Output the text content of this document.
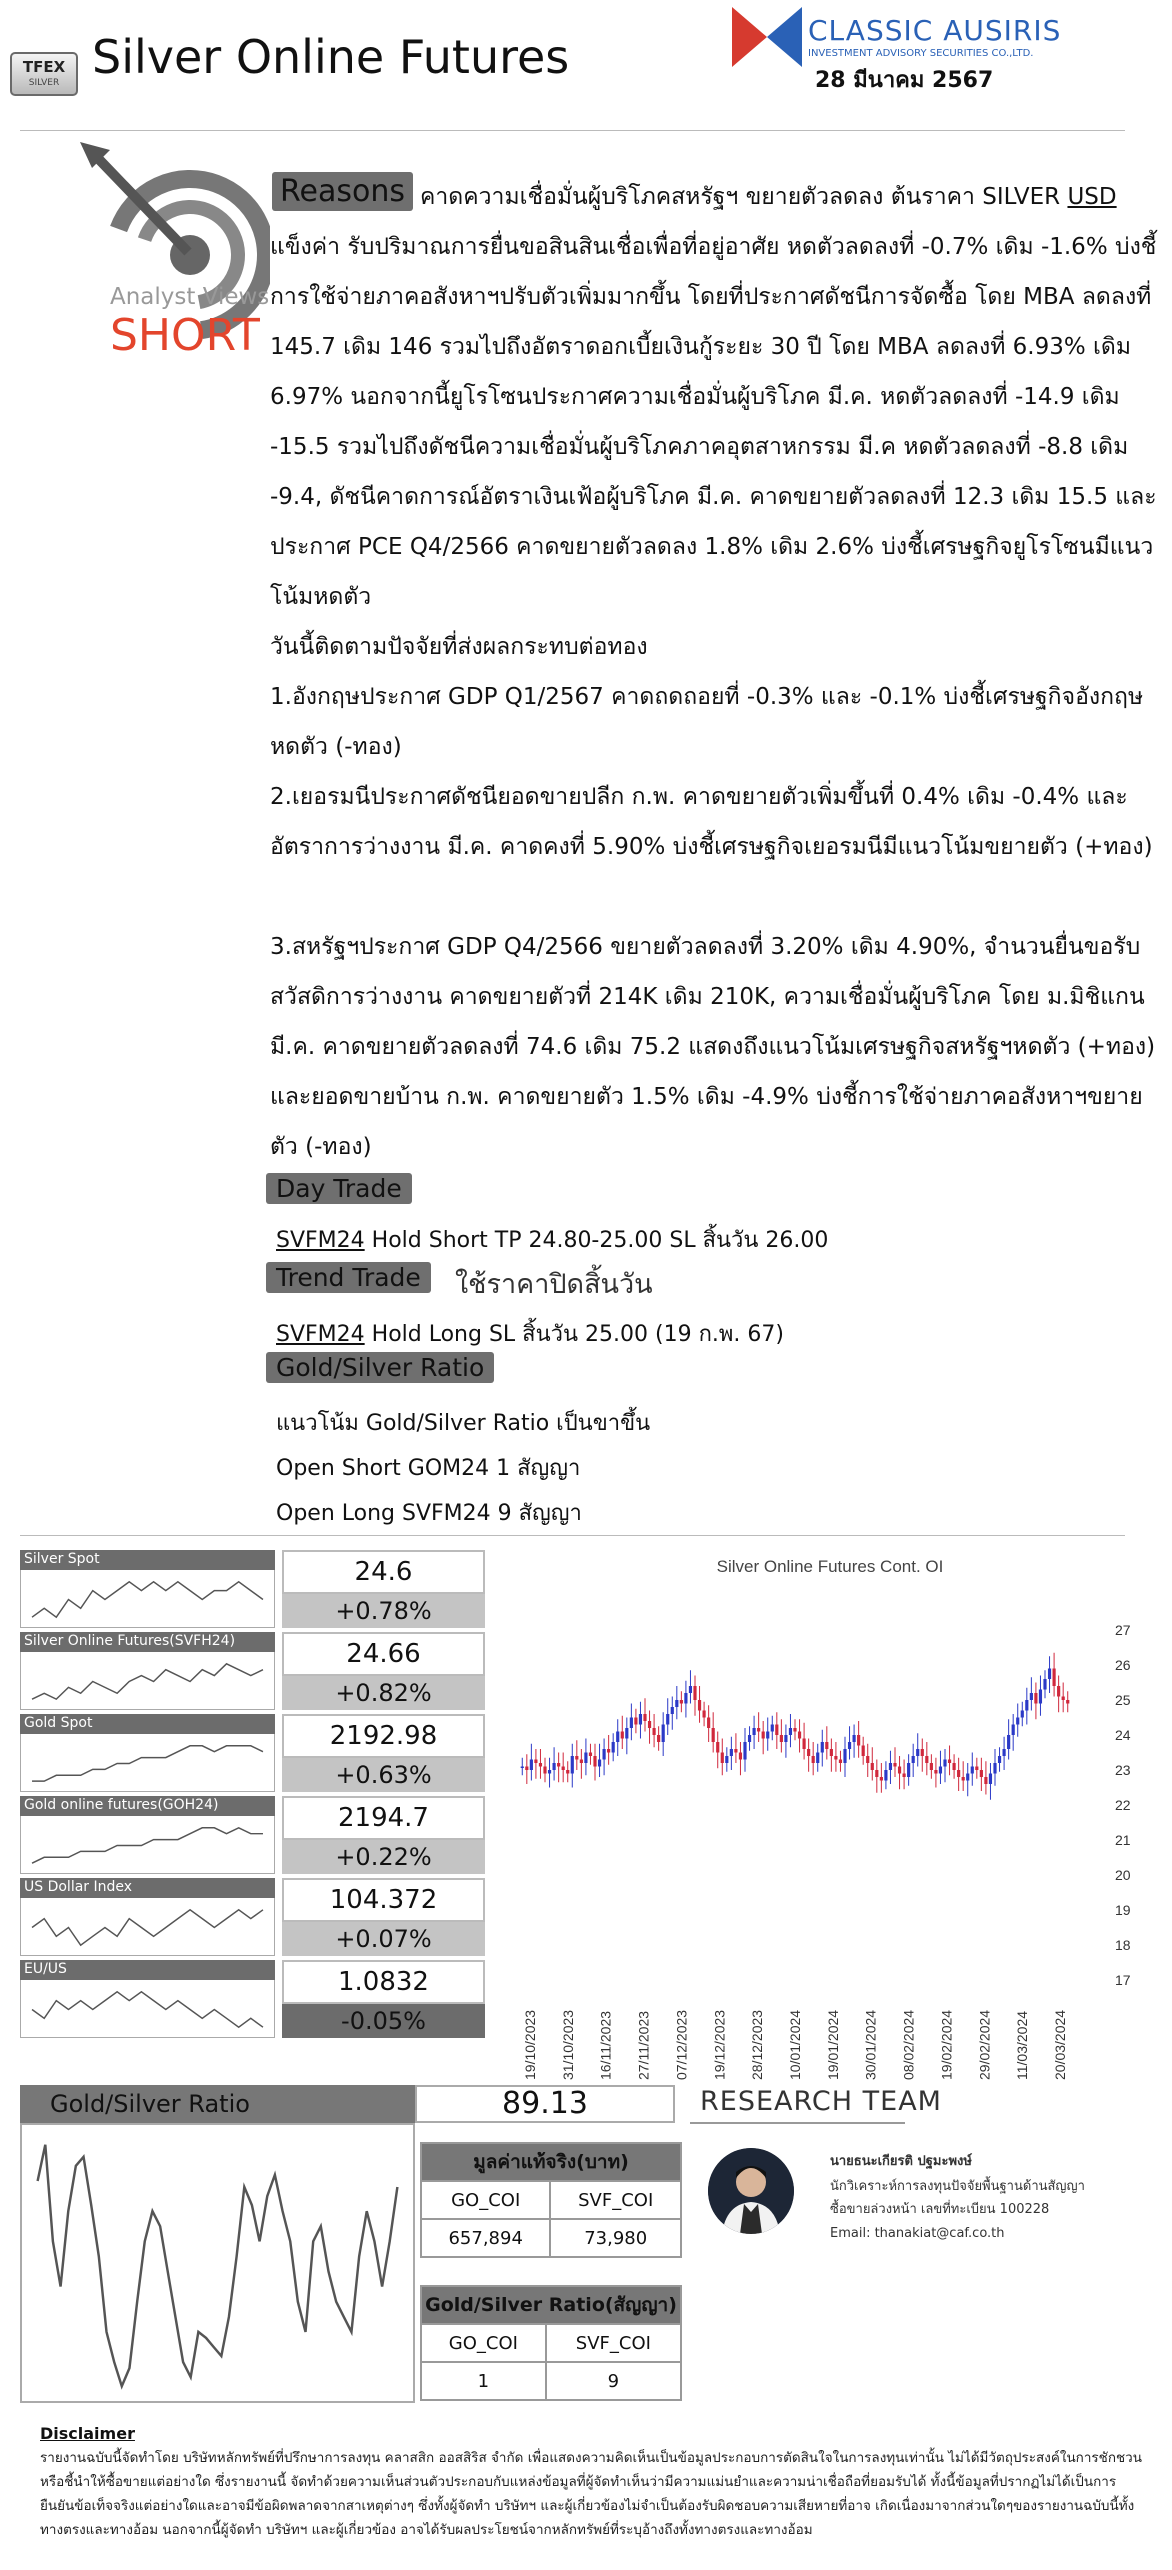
TFEX
SILVER Silver Online Futures	CLASSIC AUSIRIS
INVESTMENT ADVISORY SECURITIES CO.,LTD.
28 มีนาคม 2567
Analyst Views
SHORT
Reasons คาดความเชื่อมั่นผู้บริโภคสหรัฐฯ ขยายตัวลดลง ต้นราคา SILVER USD แข็งค่า รับปริมาณการยื่นขอสินสินเชื่อเพื่อที่อยู่อาศัย หดตัวลดลงที่ -0.7% เดิม -1.6% บ่งชี้การใช้จ่ายภาคอสังหาฯปรับตัวเพิ่มมากขึ้น โดยที่ประกาศดัชนีการจัดซื้อ โดย MBA ลดลงที่ 145.7 เดิม 146 รวมไปถึงอัตราดอกเบี้ยเงินกู้ระยะ 30 ปี โดย MBA ลดลงที่ 6.93% เดิม 6.97% นอกจากนี้ยูโรโซนประกาศความเชื่อมั่นผู้บริโภค มี.ค. หดตัวลดลงที่ -14.9 เดิม -15.5 รวมไปถึงดัชนีความเชื่อมั่นผู้บริโภคภาคอุตสาหกรรม มี.ค หดตัวลดลงที่ -8.8 เดิม -9.4, ดัชนีคาดการณ์อัตราเงินเฟ้อผู้บริโภค มี.ค. คาดขยายตัวลดลงที่ 12.3 เดิม 15.5 และ ประกาศ PCE Q4/2566 คาดขยายตัวลดลง 1.8% เดิม 2.6% บ่งชี้เศรษฐกิจยูโรโซนมีแนวโน้มหดตัว
วันนี้ติดตามปัจจัยที่ส่งผลกระทบต่อทอง
1.อังกฤษประกาศ GDP Q1/2567 คาดถดถอยที่ -0.3% และ -0.1% บ่งชี้เศรษฐกิจอังกฤษหดตัว (-ทอง)
2.เยอรมนีประกาศดัชนียอดขายปลีก ก.พ. คาดขยายตัวเพิ่มขึ้นที่ 0.4% เดิม -0.4% และอัตราการว่างงาน มี.ค. คาดคงที่ 5.90% บ่งชี้เศรษฐกิจเยอรมนีมีแนวโน้มขยายตัว (+ทอง)
3.สหรัฐฯประกาศ GDP Q4/2566 ขยายตัวลดลงที่ 3.20% เดิม 4.90%, จำนวนยื่นขอรับสวัสดิการว่างงาน คาดขยายตัวที่ 214K เดิม 210K, ความเชื่อมั่นผู้บริโภค โดย ม.มิชิแกน มี.ค. คาดขยายตัวลดลงที่ 74.6 เดิม 75.2 แสดงถึงแนวโน้มเศรษฐกิจสหรัฐฯหดตัว (+ทอง) และยอดขายบ้าน ก.พ. คาดขยายตัว 1.5% เดิม -4.9% บ่งชี้การใช้จ่ายภาคอสังหาฯขยายตัว (-ทอง)
Day Trade
SVFM24 Hold Short TP 24.80-25.00 SL สิ้นวัน 26.00
Trend Trade	ใช้ราคาปิดสิ้นวัน
SVFM24 Hold Long SL สิ้นวัน 25.00 (19 ก.พ. 67)
Gold/Silver Ratio
แนวโน้ม Gold/Silver Ratio เป็นขาขึ้น
Open Short GOM24 1 สัญญา
Open Long SVFM24 9 สัญญา
Silver Spot	24.6
+0.78%
Silver Online Futures(SVFH24)	24.66
+0.82%
Gold Spot	2192.98
+0.63%
Gold online futures(GOH24)	2194.7
+0.22%
US Dollar Index	104.372
+0.07%
EU/US	1.0832
-0.05%
Silver Online Futures Cont. OI
17
18
19
20
21
22
23
24
25
26
27
19/10/2023 31/10/2023 16/11/2023 27/11/2023 07/12/2023 19/12/2023 28/12/2023 10/01/2024 19/01/2024 30/01/2024 08/02/2024 19/02/2024 29/02/2024 11/03/2024 20/03/2024
Gold/Silver Ratio	89.13
มูลค่าแท้จริง(บาท)	
GO_COI	SVF_COI
657,894	73,980
Gold/Silver Ratio(สัญญา)	
GO_COI	SVF_COI
1	9
RESEARCH TEAM
นายธนะเกียรติ ปฐมะพงษ์
นักวิเคราะห์การลงทุนปัจจัยพื้นฐานด้านสัญญา
ซื้อขายล่วงหน้า เลขที่ทะเบียน 100228
Email: thanakiat@caf.co.th
Disclaimer
รายงานฉบับนี้จัดทำโดย บริษัทหลักทรัพย์ที่ปรึกษาการลงทุน คลาสสิก ออสสิริส จำกัด เพื่อแสดงความคิดเห็นเป็นข้อมูลประกอบการตัดสินใจในการลงทุนเท่านั้น ไม่ได้มีวัตถุประสงค์ในการชักชวนหรือชี้นำให้ซื้อขายแต่อย่างใด ซึ่งรายงานนี้ จัดทำด้วยความเห็นส่วนตัวประกอบกับแหล่งข้อมูลที่ผู้จัดทำเห็นว่ามีความแม่นยำและความน่าเชื่อถือที่ยอมรับได้ ทั้งนี้ข้อมูลที่ปรากฏไม่ได้เป็นการยืนยันข้อเท็จจริงแต่อย่างใดและอาจมีข้อผิดพลาดจากสาเหตุต่างๆ ซึ่งทั้งผู้จัดทำ บริษัทฯ และผู้เกี่ยวข้องไม่จำเป็นต้องรับผิดชอบความเสียหายที่อาจ เกิดเนื่องมาจากส่วนใดๆของรายงานฉบับนี้ทั้งทางตรงและทางอ้อม นอกจากนี้ผู้จัดทำ บริษัทฯ และผู้เกี่ยวข้อง อาจได้รับผลประโยชน์จากหลักทรัพย์ที่ระบุอ้างถึงทั้งทางตรงและทางอ้อม
